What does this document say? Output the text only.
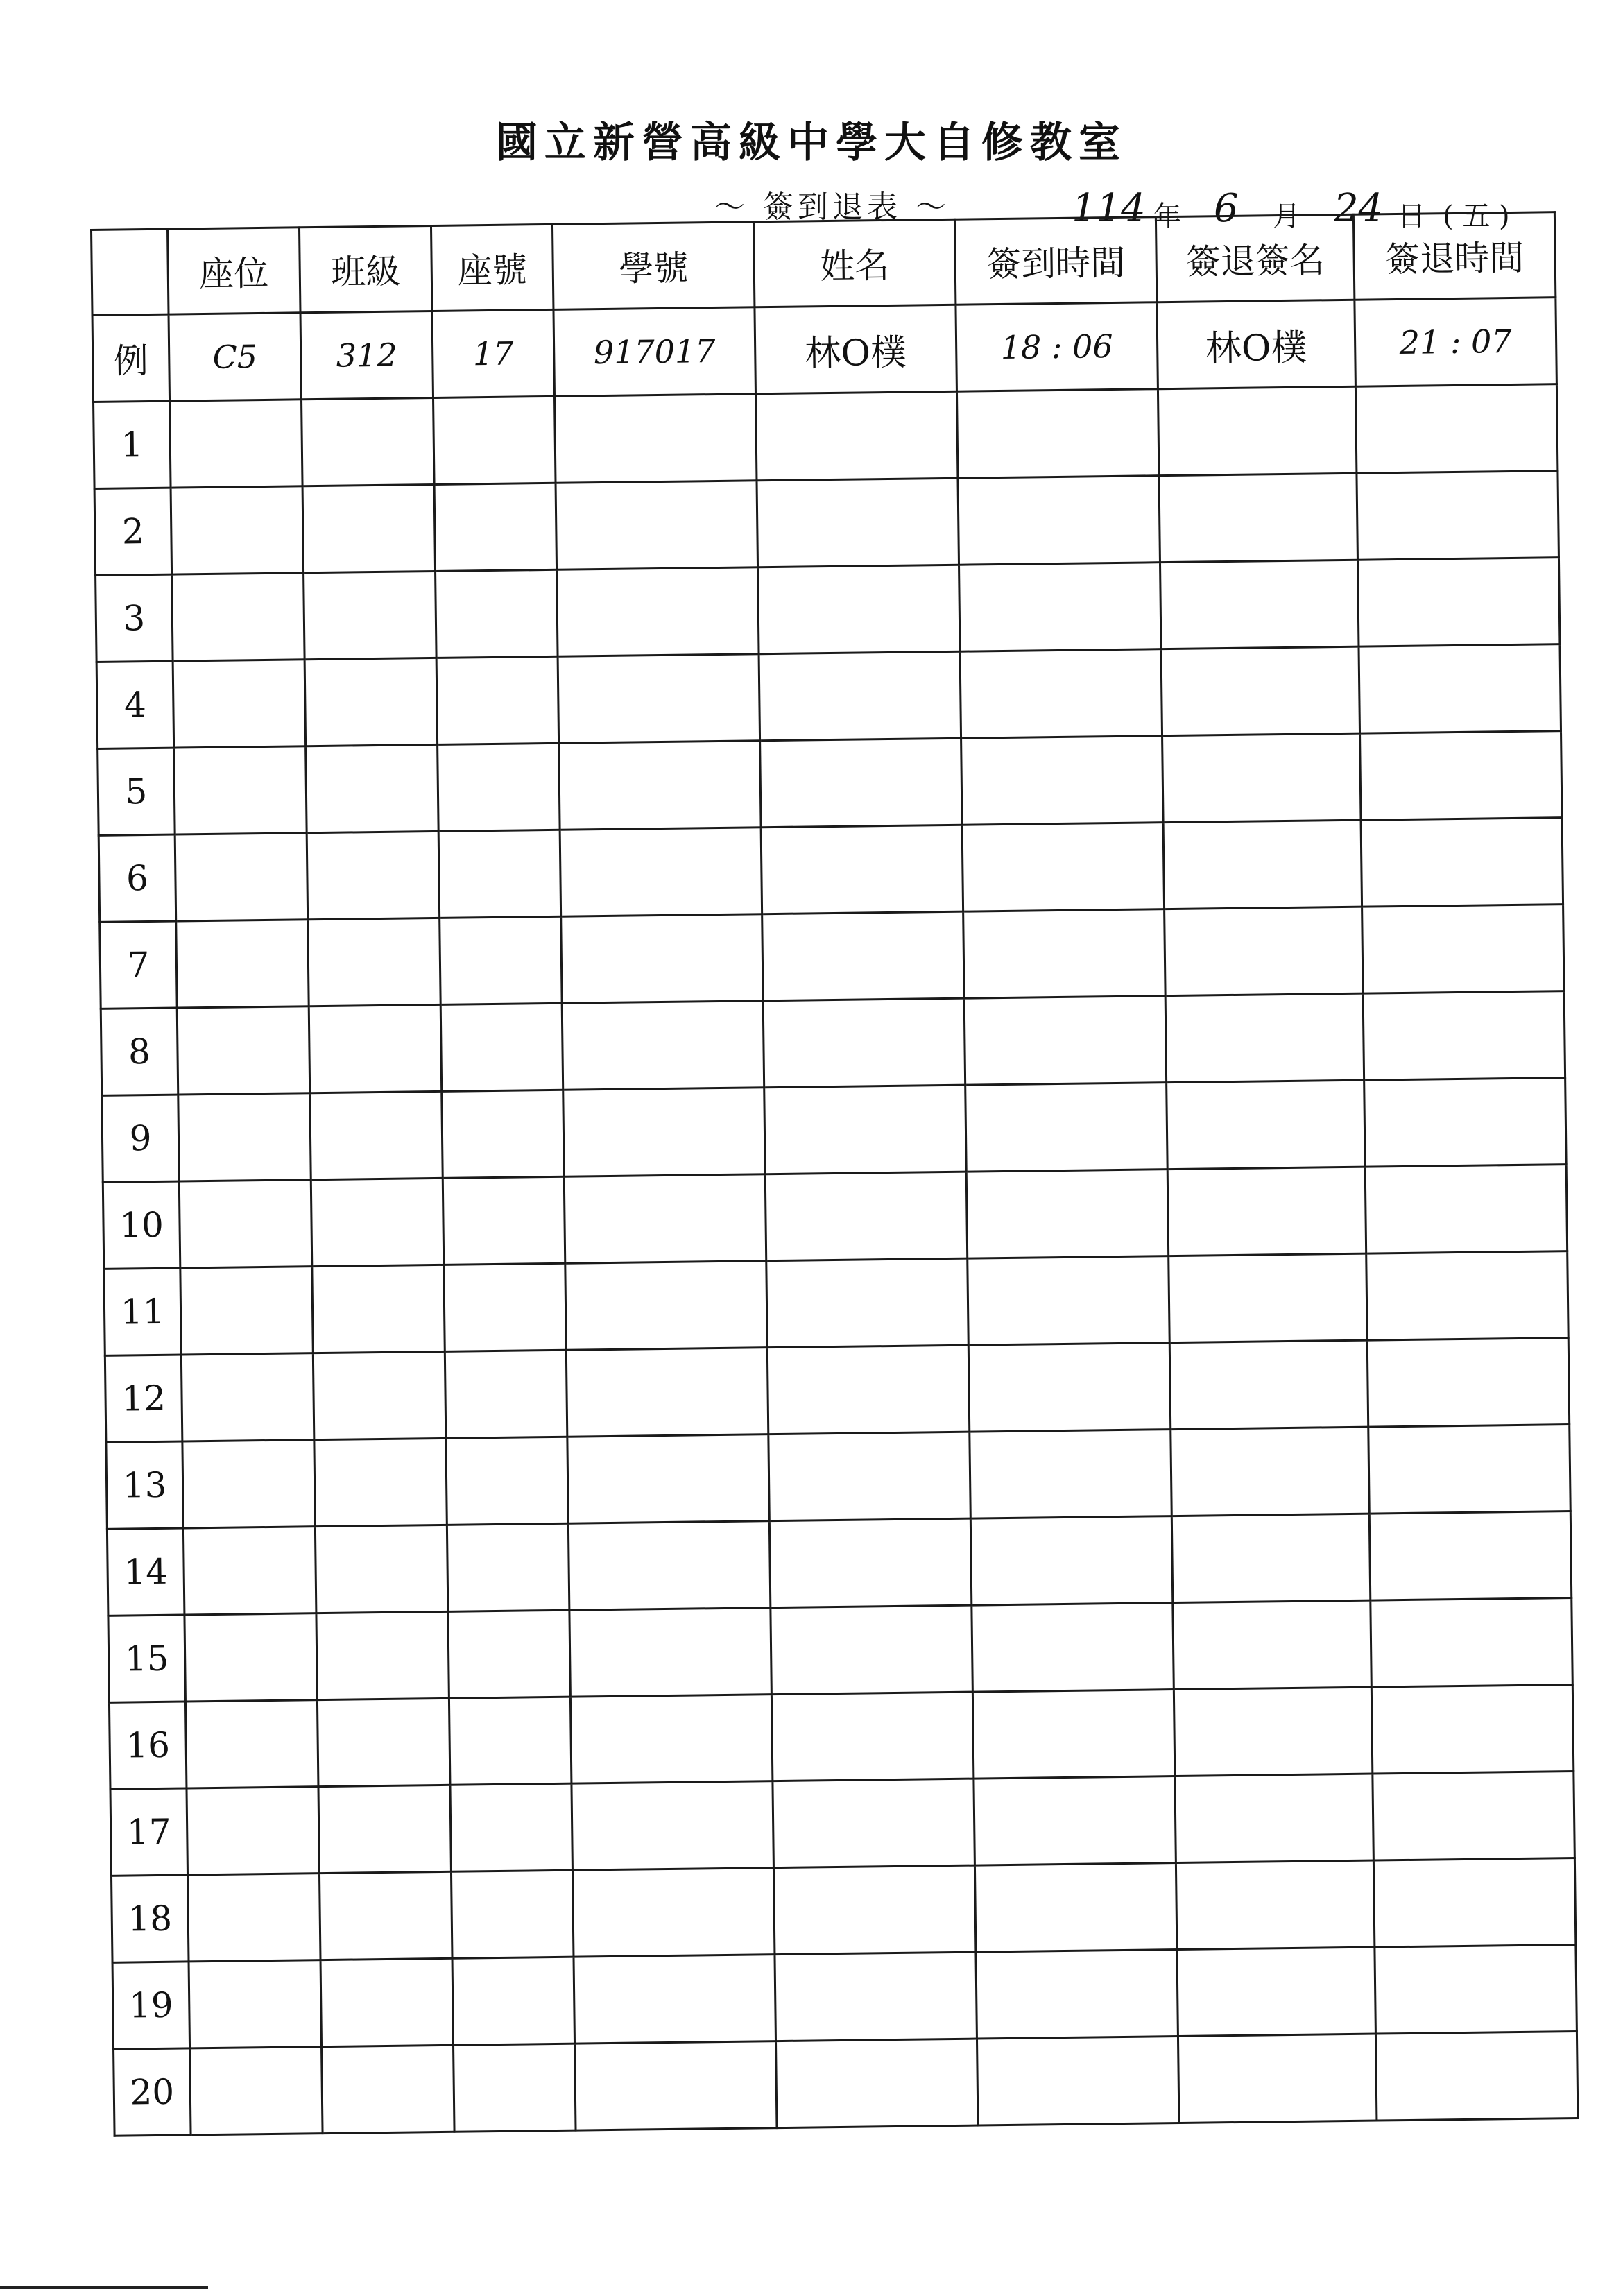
國立新營高級中學大自修教室
～ 簽到退表 ～	114 年 6 月 24 日 ( 五 )
	座位	班級	座號	學號	姓名	簽到時間	簽退簽名	簽退時間
例	C5	312	17	917017	林O樸	18 : 06	林O樸	21 : 07
1								
2								
3								
4								
5								
6								
7								
8								
9								
10								
11								
12								
13								
14								
15								
16								
17								
18								
19								
20								
